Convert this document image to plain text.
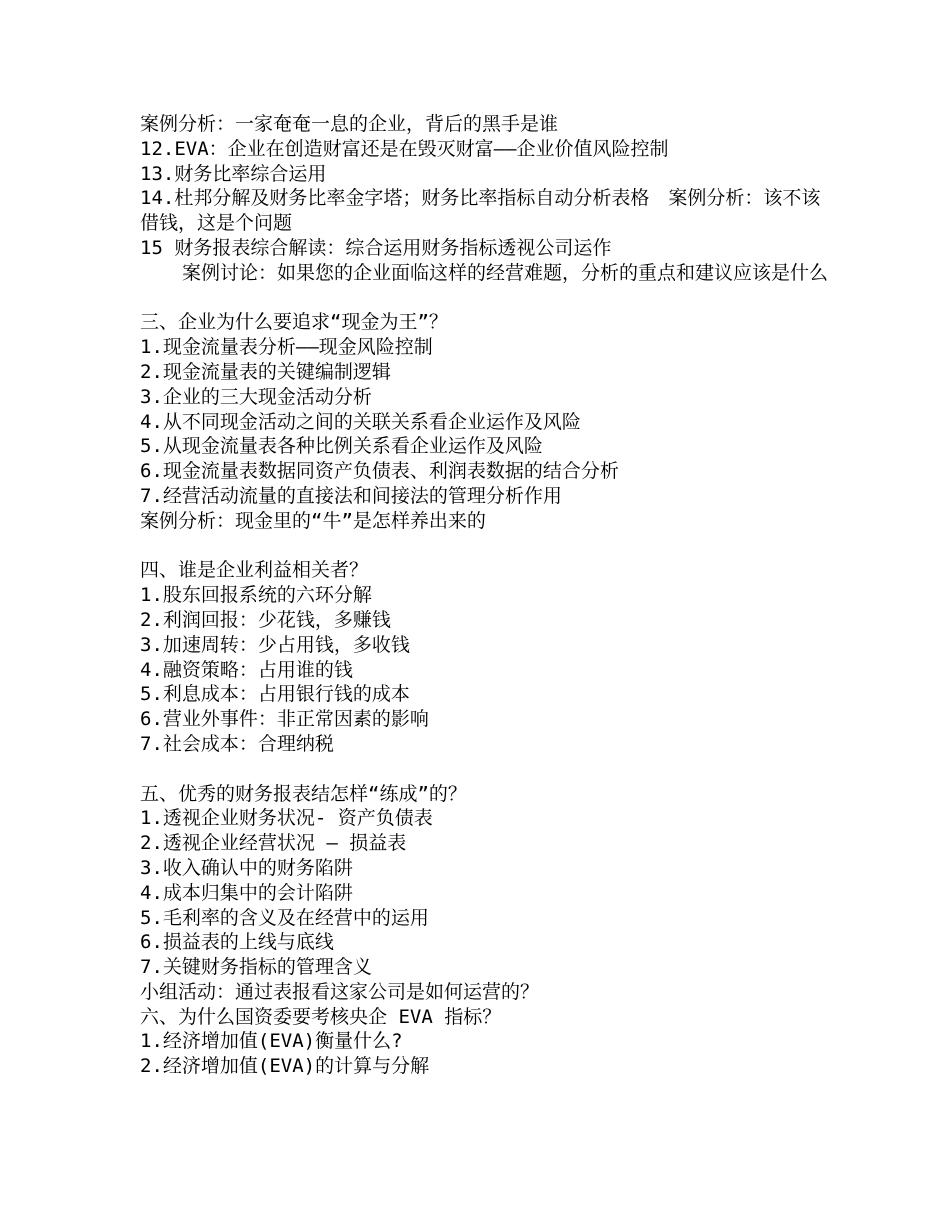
案例分析：一家奄奄一息的企业，背后的黑手是谁
12.EVA：企业在创造财富还是在毁灭财富——企业价值风险控制
13.财务比率综合运用
14.杜邦分解及财务比率金字塔；财务比率指标自动分析表格　案例分析：该不该借钱，这是个问题
15 财务报表综合解读：综合运用财务指标透视公司运作
案例讨论：如果您的企业面临这样的经营难题，分析的重点和建议应该是什么
三、企业为什么要追求“现金为王”？
1.现金流量表分析——现金风险控制
2.现金流量表的关键编制逻辑
3.企业的三大现金活动分析
4.从不同现金活动之间的关联关系看企业运作及风险
5.从现金流量表各种比例关系看企业运作及风险
6.现金流量表数据同资产负债表、利润表数据的结合分析
7.经营活动流量的直接法和间接法的管理分析作用
案例分析：现金里的“牛”是怎样养出来的
四、谁是企业利益相关者？
1.股东回报系统的六环分解
2.利润回报：少花钱，多赚钱
3.加速周转：少占用钱，多收钱
4.融资策略：占用谁的钱
5.利息成本：占用银行钱的成本
6.营业外事件：非正常因素的影响
7.社会成本：合理纳税
五、优秀的财务报表结怎样“练成”的？
1.透视企业财务状况- 资产负债表
2.透视企业经营状况 – 损益表
3.收入确认中的财务陷阱
4.成本归集中的会计陷阱
5.毛利率的含义及在经营中的运用
6.损益表的上线与底线
7.关键财务指标的管理含义
小组活动：通过表报看这家公司是如何运营的？
六、为什么国资委要考核央企 EVA 指标？
1.经济增加值(EVA)衡量什么?
2.经济增加值(EVA)的计算与分解
